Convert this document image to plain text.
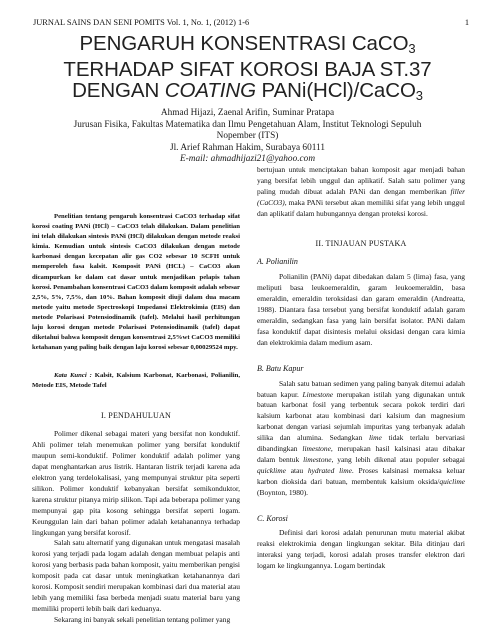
JURNAL SAINS DAN SENI POMITS Vol. 1, No. 1, (2012) 1-6	1
PENGARUH KONSENTRASI CaCO$_3$
TERHADAP SIFAT KOROSI BAJA ST.37
DENGAN COATING PANi(HCl)/CaCO$_3$
Ahmad Hijazi, Zaenal Arifin, Suminar Pratapa
Jurusan Fisika, Fakultas Matematika dan Ilmu Pengetahuan Alam, Institut Teknologi Sepuluh
Nopember (ITS)
Jl. Arief Rahman Hakim, Surabaya 60111
E-mail: ahmadhijazi21@yahoo.com

Penelitian tentang pengaruh konsentrasi CaCO3 terhadap sifat korosi coating PANi (HCl) – CaCO3 telah dilakukan. Dalam penelitian ini telah dilakukan sintesis PANi (HCl) dilakukan dengan metode reaksi kimia. Kemudian untuk sintesis CaCO3 dilakukan dengan metode karbonasi dengan kecepatan alir gas CO2 sebesar 10 SCFH untuk memperoleh fasa kalsit. Komposit PANi (HCL) – CaCO3 akan dicampurkan ke dalam cat dasar untuk menjadikan pelapis tahan korosi. Penambahan konsentrasi CaCO3 dalam komposit adalah sebesar 2,5%, 5%, 7,5%, dan 10%. Bahan komposit diuji dalam dua macam metode yaitu metode Spectroskopi Impedansi Elektrokimia (EIS) dan metode Polarisasi Potensiodinamik (tafel). Melalui hasil perhitungan laju korosi dengan metode Polarisasi Potensiodinamik (tafel) dapat diketahui bahwa komposit dengan konsentrasi 2,5%wt CaCO3 memiliki ketahanan yang paling baik dengan laju korosi sebesar 0,00029524 mpy.

Kata Kunci : Kalsit, Kalsium Karbonat, Karbonasi, Polianilin, Metode EIS, Metode Tafel

I. PENDAHULUAN

Polimer dikenal sebagai materi yang bersifat non konduktif. Ahli polimer telah menemukan polimer yang bersifat konduktif maupun semi-konduktif. Polimer konduktif adalah polimer yang dapat menghantarkan arus listrik. Hantaran listrik terjadi karena ada elektron yang terdelokalisasi, yang mempunyai struktur pita seperti silikon. Polimer konduktif kebanyakan bersifat semikonduktor, karena struktur pitanya mirip silikon. Tapi ada beberapa polimer yang mempunyai gap pita kosong sehingga bersifat seperti logam. Keunggulan lain dari bahan polimer adalah ketahanannya terhadap lingkungan yang bersifat korosif.

Salah satu alternatif yang digunakan untuk mengatasi masalah korosi yang terjadi pada logam adalah dengan membuat pelapis anti korosi yang berbasis pada bahan komposit, yaitu memberikan pengisi komposit pada cat dasar untuk meningkatkan ketahanannya dari korosi. Komposit sendiri merupakan kombinasi dari dua material atau lebih yang memiliki fasa berbeda menjadi suatu material baru yang memiliki properti lebih baik dari keduanya.

Sekarang ini banyak sekali penelitian tentang polimer yang

bertujuan untuk menciptakan bahan komposit agar menjadi bahan yang bersifat lebih unggul dan aplikatif. Salah satu polimer yang paling mudah dibuat adalah PANi dan dengan memberikan filler (CaCO3), maka PANi tersebut akan memiliki sifat yang lebih unggul dan aplikatif dalam hubungannya dengan proteksi korosi.

II. TINJAUAN PUSTAKA

A. Polianilin

Polianilin (PANi) dapat dibedakan dalam 5 (lima) fasa, yang meliputi basa leukoemeraldin, garam leukoemeraldin, basa emeraldin, emeraldin teroksidasi dan garam emeraldin (Andreatta, 1988). Diantara fasa tersebut yang bersifat konduktif adalah garam emeraldin, sedangkan fasa yang lain bersifat isolator. PANi dalam fasa konduktif dapat disintesis melalui oksidasi dengan cara kimia dan elektrokimia dalam medium asam.

B. Batu Kapur

Salah satu batuan sedimen yang paling banyak ditemui adalah batuan kapur. Limestone merupakan istilah yang digunakan untuk batuan karbonat fosil yang terbentuk secara pokok terdiri dari kalsium karbonat atau kombinasi dari kalsium dan magnesium karbonat dengan variasi sejumlah impuritas yang terbanyak adalah silika dan alumina. Sedangkan lime tidak terlalu bervariasi dibandingkan limestone, merupakan hasil kalsinasi atau dibakar dalam bentuk limestone, yang lebih dikenal atau populer sebagai quicklime atau hydrated lime. Proses kalsinasi memaksa keluar karbon dioksida dari batuan, membentuk kalsium oksida/quiclime (Boynton, 1980).

C. Korosi

Definisi dari korosi adalah penurunan mutu material akibat reaksi elektrokimia dengan lingkungan sekitar. Bila ditinjau dari interaksi yang terjadi, korosi adalah proses transfer elektron dari logam ke lingkungannya. Logam bertindak
